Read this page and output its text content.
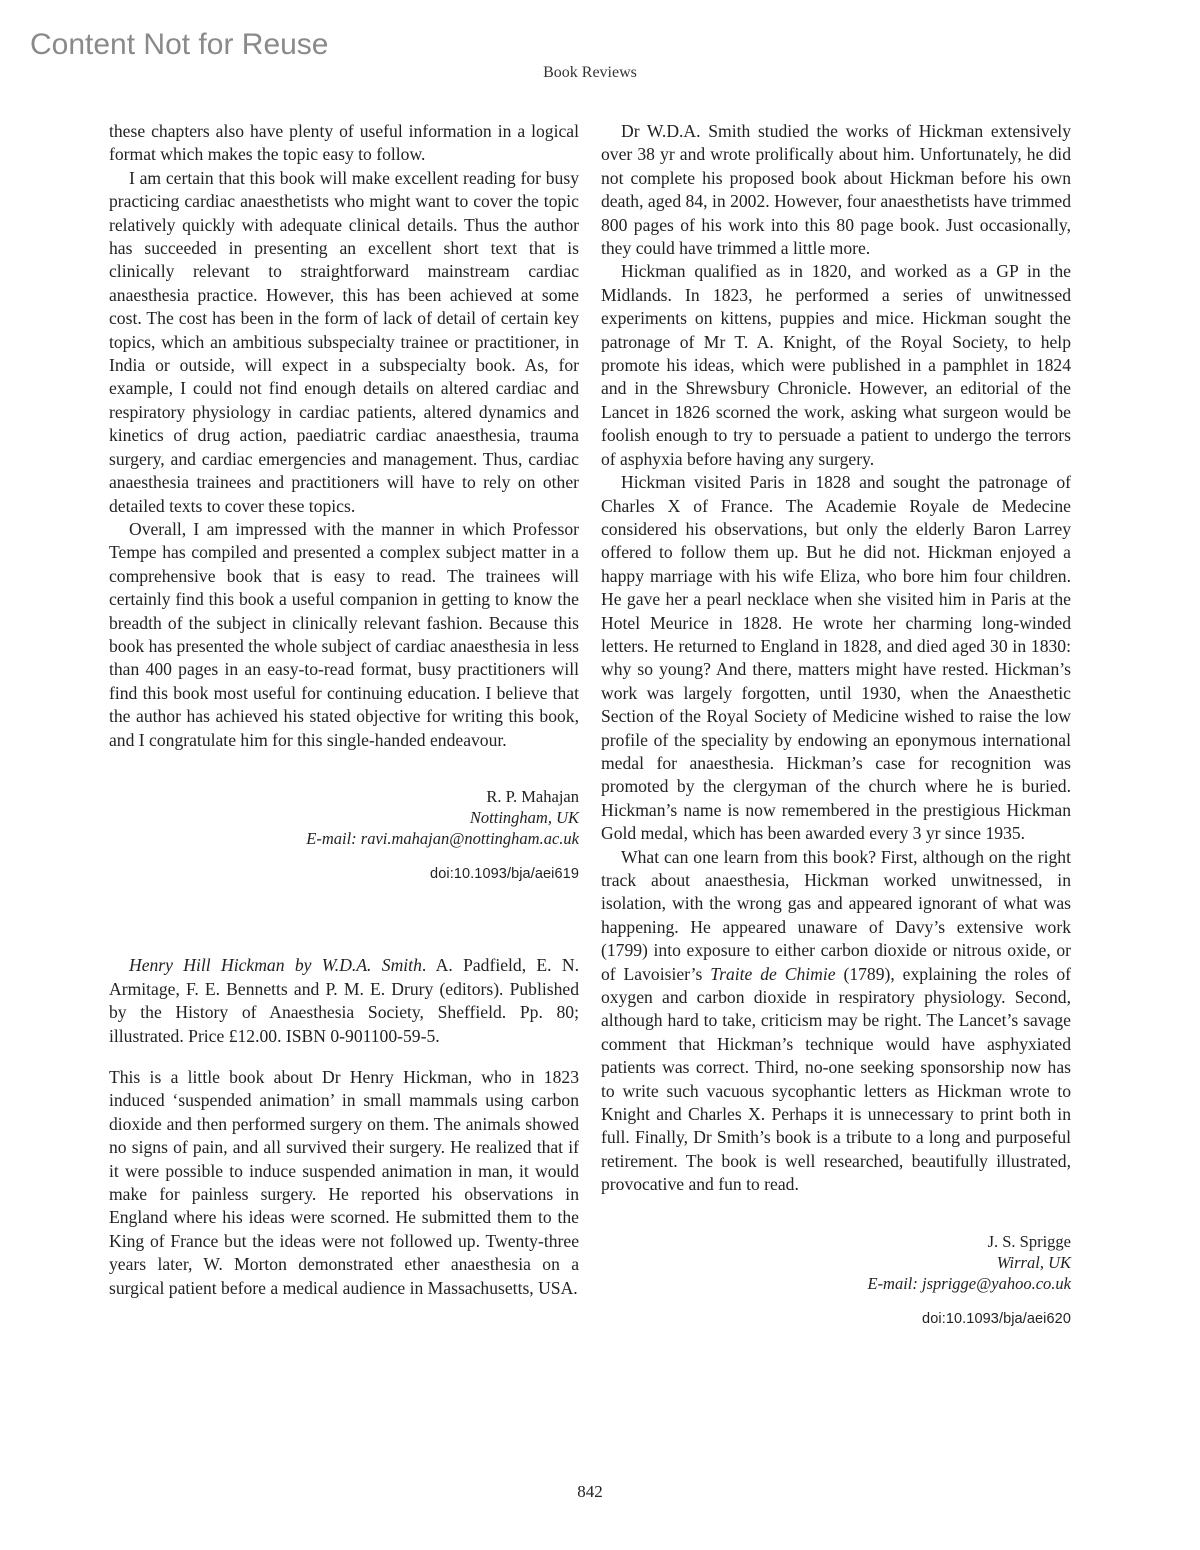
Content Not for Reuse
Book Reviews

these chapters also have plenty of useful information in a logical format which makes the topic easy to follow.

I am certain that this book will make excellent reading for busy practicing cardiac anaesthetists who might want to cover the topic relatively quickly with adequate clinical details. Thus the author has succeeded in presenting an excellent short text that is clinically relevant to straightforward mainstream cardiac anaesthesia practice. However, this has been achieved at some cost. The cost has been in the form of lack of detail of certain key topics, which an ambitious subspecialty trainee or practitioner, in India or outside, will expect in a subspecialty book. As, for example, I could not find enough details on altered cardiac and respiratory physiology in cardiac patients, altered dynamics and kinetics of drug action, paediatric cardiac anaesthesia, trauma surgery, and cardiac emergencies and management. Thus, cardiac anaesthesia trainees and practitioners will have to rely on other detailed texts to cover these topics.

Overall, I am impressed with the manner in which Professor Tempe has compiled and presented a complex subject matter in a comprehensive book that is easy to read. The trainees will certainly find this book a useful companion in getting to know the breadth of the subject in clinically relevant fashion. Because this book has presented the whole subject of cardiac anaesthesia in less than 400 pages in an easy-to-read format, busy practitioners will find this book most useful for continuing education. I believe that the author has achieved his stated objective for writing this book, and I congratulate him for this single-handed endeavour.

R. P. Mahajan
Nottingham, UK
E-mail: ravi.mahajan@nottingham.ac.uk
doi:10.1093/bja/aei619

Henry Hill Hickman by W.D.A. Smith. A. Padfield, E. N. Armitage, F. E. Bennetts and P. M. E. Drury (editors). Published by the History of Anaesthesia Society, Sheffield. Pp. 80; illustrated. Price £12.00. ISBN 0-901100-59-5.

This is a little book about Dr Henry Hickman, who in 1823 induced ‘suspended animation’ in small mammals using carbon dioxide and then performed surgery on them. The animals showed no signs of pain, and all survived their surgery. He realized that if it were possible to induce suspended animation in man, it would make for painless surgery. He reported his observations in England where his ideas were scorned. He submitted them to the King of France but the ideas were not followed up. Twenty-three years later, W. Morton demonstrated ether anaesthesia on a surgical patient before a medical audience in Massachusetts, USA.

Dr W.D.A. Smith studied the works of Hickman extensively over 38 yr and wrote prolifically about him. Unfortunately, he did not complete his proposed book about Hickman before his own death, aged 84, in 2002. However, four anaesthetists have trimmed 800 pages of his work into this 80 page book. Just occasionally, they could have trimmed a little more.

Hickman qualified as in 1820, and worked as a GP in the Midlands. In 1823, he performed a series of unwitnessed experiments on kittens, puppies and mice. Hickman sought the patronage of Mr T. A. Knight, of the Royal Society, to help promote his ideas, which were published in a pamphlet in 1824 and in the Shrewsbury Chronicle. However, an editorial of the Lancet in 1826 scorned the work, asking what surgeon would be foolish enough to try to persuade a patient to undergo the terrors of asphyxia before having any surgery.

Hickman visited Paris in 1828 and sought the patronage of Charles X of France. The Academie Royale de Medecine considered his observations, but only the elderly Baron Larrey offered to follow them up. But he did not. Hickman enjoyed a happy marriage with his wife Eliza, who bore him four children. He gave her a pearl necklace when she visited him in Paris at the Hotel Meurice in 1828. He wrote her charming long-winded letters. He returned to England in 1828, and died aged 30 in 1830: why so young? And there, matters might have rested. Hickman’s work was largely forgotten, until 1930, when the Anaesthetic Section of the Royal Society of Medicine wished to raise the low profile of the speciality by endowing an eponymous international medal for anaesthesia. Hickman’s case for recognition was promoted by the clergyman of the church where he is buried. Hickman’s name is now remembered in the prestigious Hickman Gold medal, which has been awarded every 3 yr since 1935.

What can one learn from this book? First, although on the right track about anaesthesia, Hickman worked unwitnessed, in isolation, with the wrong gas and appeared ignorant of what was happening. He appeared unaware of Davy’s extensive work (1799) into exposure to either carbon dioxide or nitrous oxide, or of Lavoisier’s Traite de Chimie (1789), explaining the roles of oxygen and carbon dioxide in respiratory physiology. Second, although hard to take, criticism may be right. The Lancet’s savage comment that Hickman’s technique would have asphyxiated patients was correct. Third, no-one seeking sponsorship now has to write such vacuous sycophantic letters as Hickman wrote to Knight and Charles X. Perhaps it is unnecessary to print both in full. Finally, Dr Smith’s book is a tribute to a long and purposeful retirement. The book is well researched, beautifully illustrated, provocative and fun to read.

J. S. Sprigge
Wirral, UK
E-mail: jsprigge@yahoo.co.uk
doi:10.1093/bja/aei620
842
